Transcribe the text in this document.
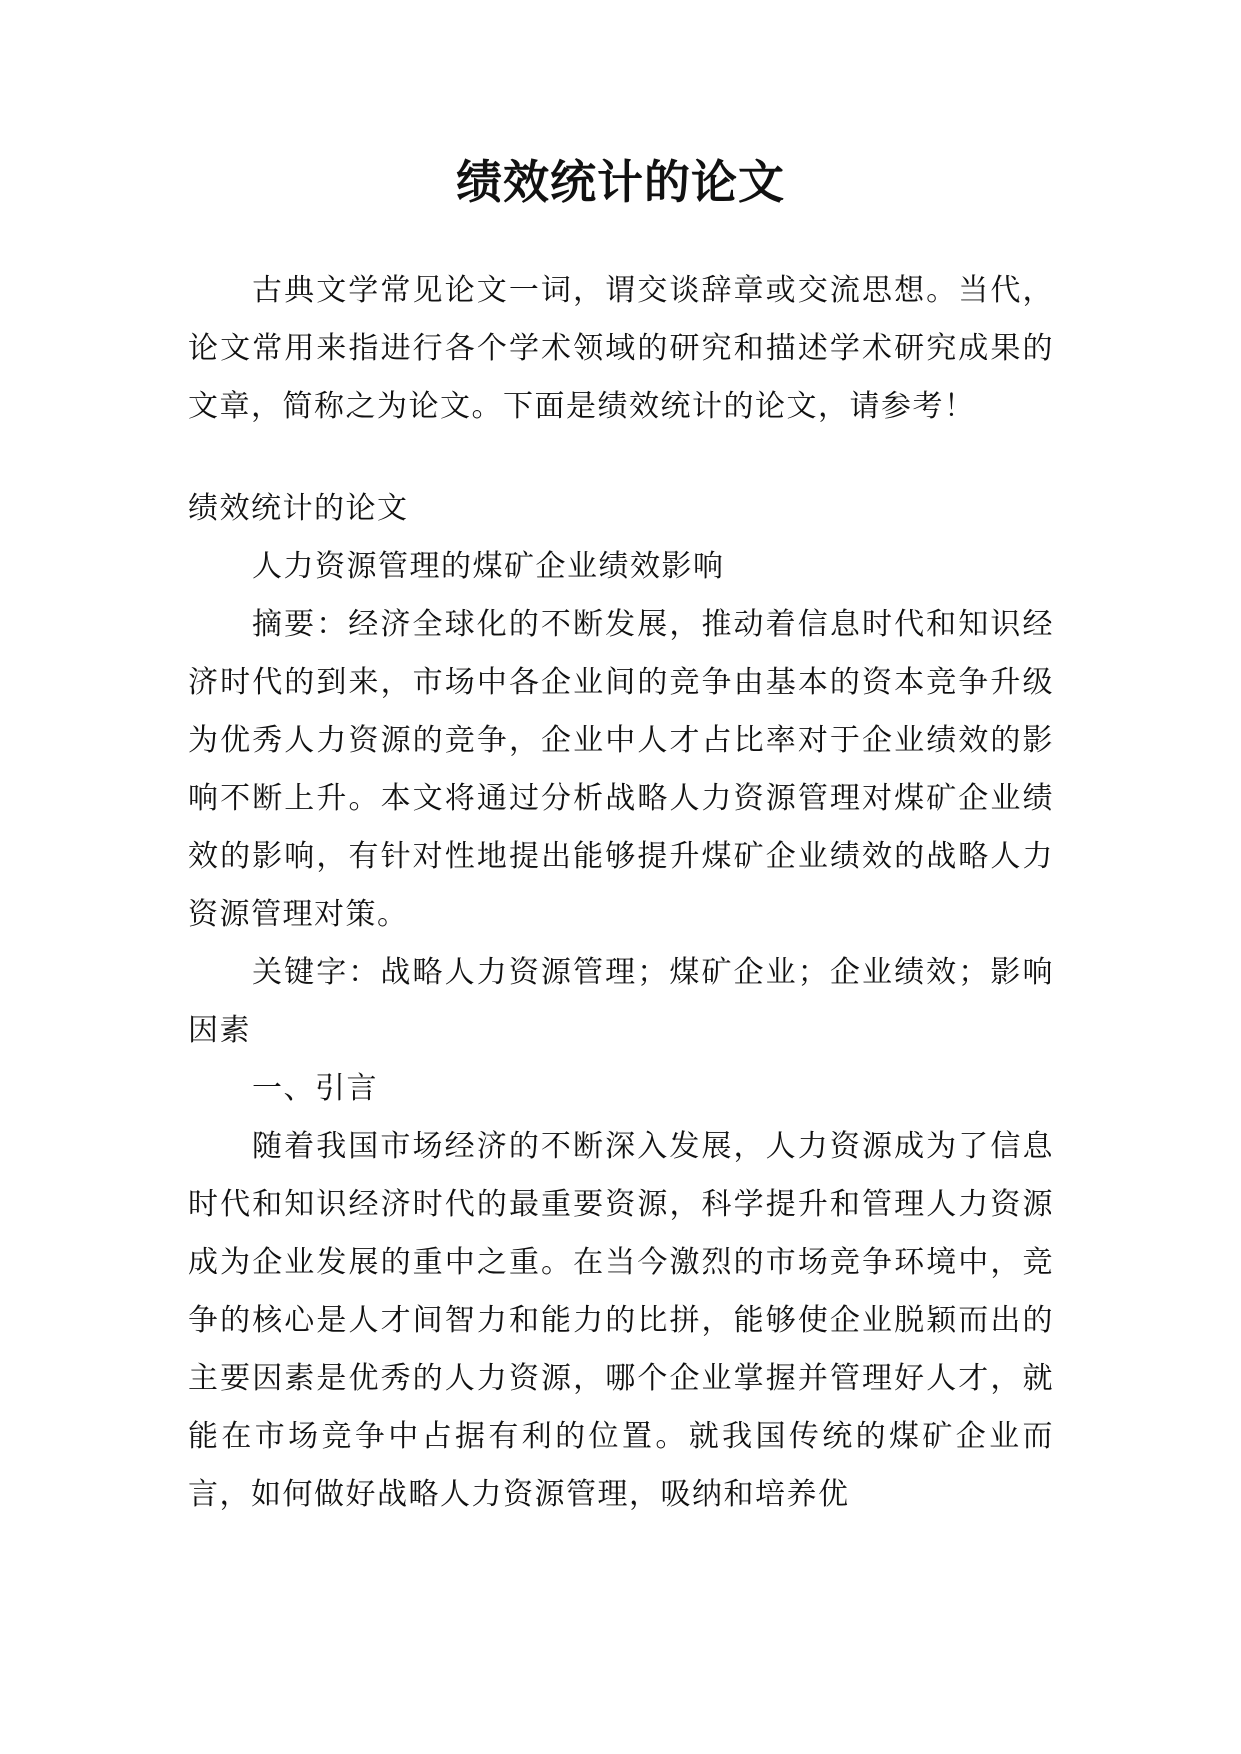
绩效统计的论文

古典文学常见论文一词，谓交谈辞章或交流思想。当代，论文常用来指进行各个学术领域的研究和描述学术研究成果的文章，简称之为论文。下面是绩效统计的论文，请参考！

绩效统计的论文

人力资源管理的煤矿企业绩效影响

摘要：经济全球化的不断发展，推动着信息时代和知识经济时代的到来，市场中各企业间的竞争由基本的资本竞争升级为优秀人力资源的竞争，企业中人才占比率对于企业绩效的影响不断上升。本文将通过分析战略人力资源管理对煤矿企业绩效的影响，有针对性地提出能够提升煤矿企业绩效的战略人力资源管理对策。

关键字：战略人力资源管理；煤矿企业；企业绩效；影响因素

一、引言

随着我国市场经济的不断深入发展，人力资源成为了信息时代和知识经济时代的最重要资源，科学提升和管理人力资源成为企业发展的重中之重。在当今激烈的市场竞争环境中，竞争的核心是人才间智力和能力的比拼，能够使企业脱颖而出的主要因素是优秀的人力资源，哪个企业掌握并管理好人才，就能在市场竞争中占据有利的位置。就我国传统的煤矿企业而言，如何做好战略人力资源管理，吸纳和培养优
